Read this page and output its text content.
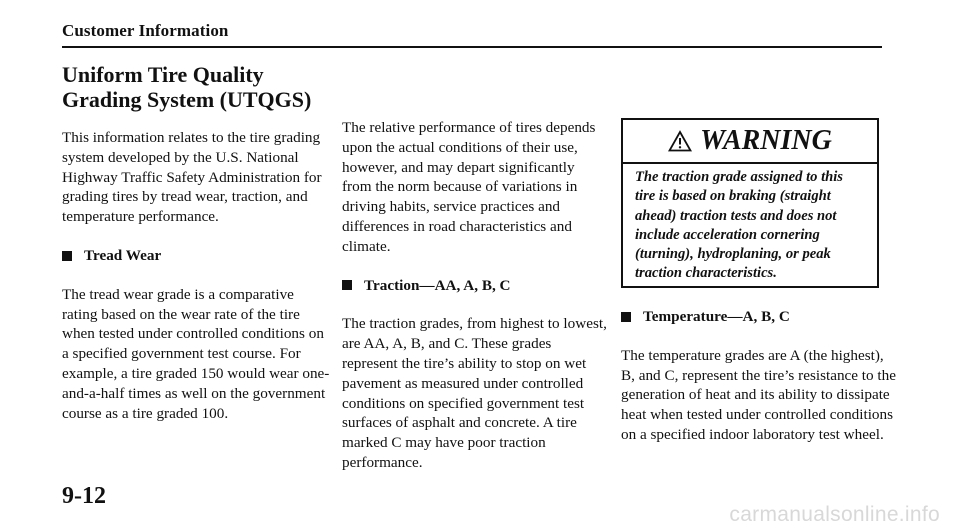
Customer Information
Uniform Tire Quality
Grading System (UTQGS)

This information relates to the tire grading system developed by the U.S. National Highway Traffic Safety Administration for grading tires by tread wear, traction, and temperature performance.

Tread Wear

The tread wear grade is a comparative rating based on the wear rate of the tire when tested under controlled conditions on a specified government test course. For example, a tire graded 150 would wear one-and-a-half times as well on the government course as a tire graded 100.

The relative performance of tires depends upon the actual conditions of their use, however, and may depart significantly from the norm because of variations in driving habits, service practices and differences in road characteristics and climate.

Traction—AA, A, B, C

The traction grades, from highest to lowest, are AA, A, B, and C. These grades represent the tire’s ability to stop on wet pavement as measured under controlled conditions on specified government test surfaces of asphalt and concrete. A tire marked C may have poor traction performance.

WARNING
The traction grade assigned to this tire is based on braking (straight ahead) traction tests and does not include acceleration cornering (turning), hydroplaning, or peak traction characteristics.

Temperature—A, B, C

The temperature grades are A (the highest), B, and C, represent the tire’s resistance to the generation of heat and its ability to dissipate heat when tested under controlled conditions on a specified indoor laboratory test wheel.

9-12
carmanualsonline.info
